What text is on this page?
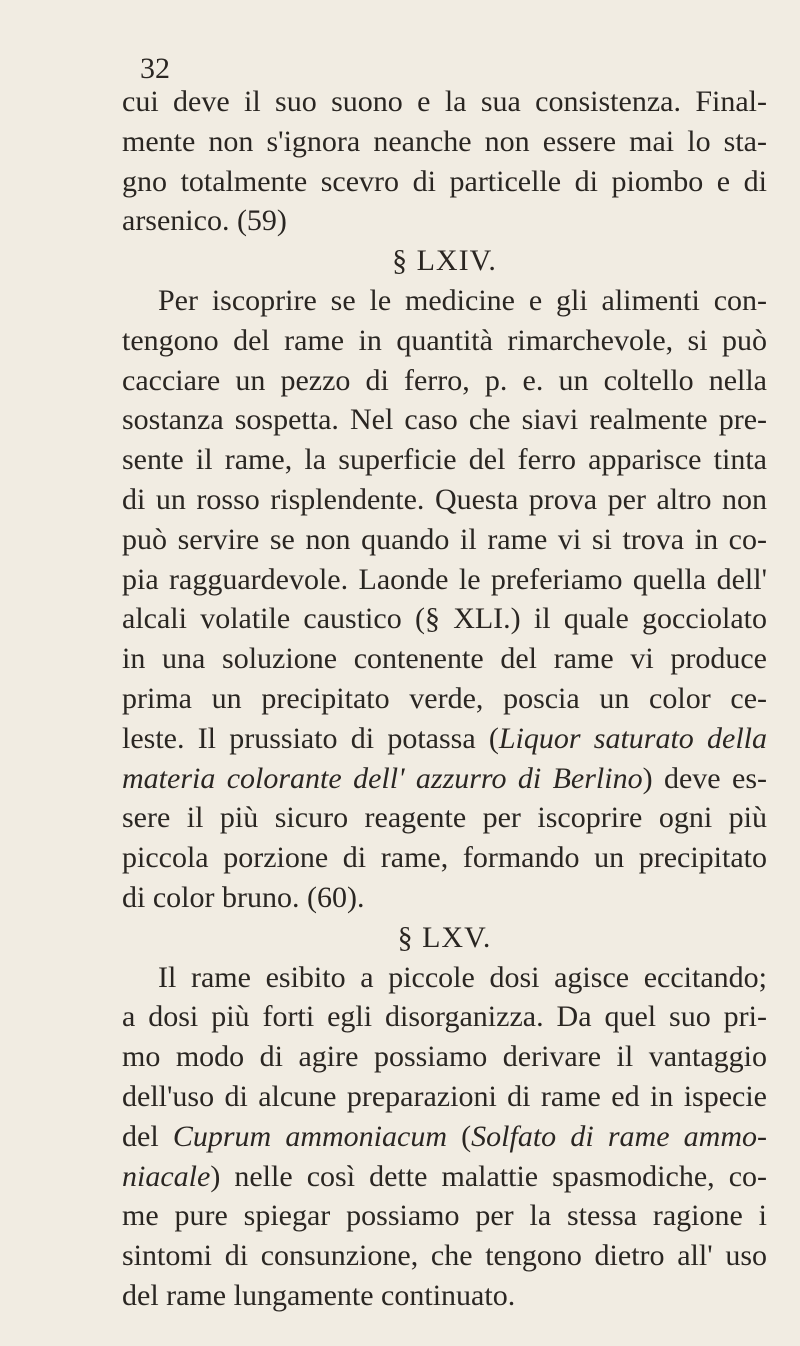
32
cui deve il suo suono e la sua consistenza. Final-
mente non s'ignora neanche non essere mai lo sta-
gno totalmente scevro di particelle di piombo e di
arsenico. (59)
§ LXIV.
Per iscoprire se le medicine e gli alimenti con-
tengono del rame in quantità rimarchevole, si può
cacciare un pezzo di ferro, p. e. un coltello nella
sostanza sospetta. Nel caso che siavi realmente pre-
sente il rame, la superficie del ferro apparisce tinta
di un rosso risplendente. Questa prova per altro non
può servire se non quando il rame vi si trova in co-
pia ragguardevole. Laonde le preferiamo quella dell'
alcali volatile caustico (§ XLI.) il quale gocciolato
in una soluzione contenente del rame vi produce
prima un precipitato verde, poscia un color ce-
leste. Il prussiato di potassa (Liquor saturato della
materia colorante dell' azzurro di Berlino) deve es-
sere il più sicuro reagente per iscoprire ogni più
piccola porzione di rame, formando un precipitato
di color bruno. (60).
§ LXV.
Il rame esibito a piccole dosi agisce eccitando;
a dosi più forti egli disorganizza. Da quel suo pri-
mo modo di agire possiamo derivare il vantaggio
dell'uso di alcune preparazioni di rame ed in ispecie
del Cuprum ammoniacum (Solfato di rame ammo-
niacale) nelle così dette malattie spasmodiche, co-
me pure spiegar possiamo per la stessa ragione i
sintomi di consunzione, che tengono dietro all' uso
del rame lungamente continuato.
